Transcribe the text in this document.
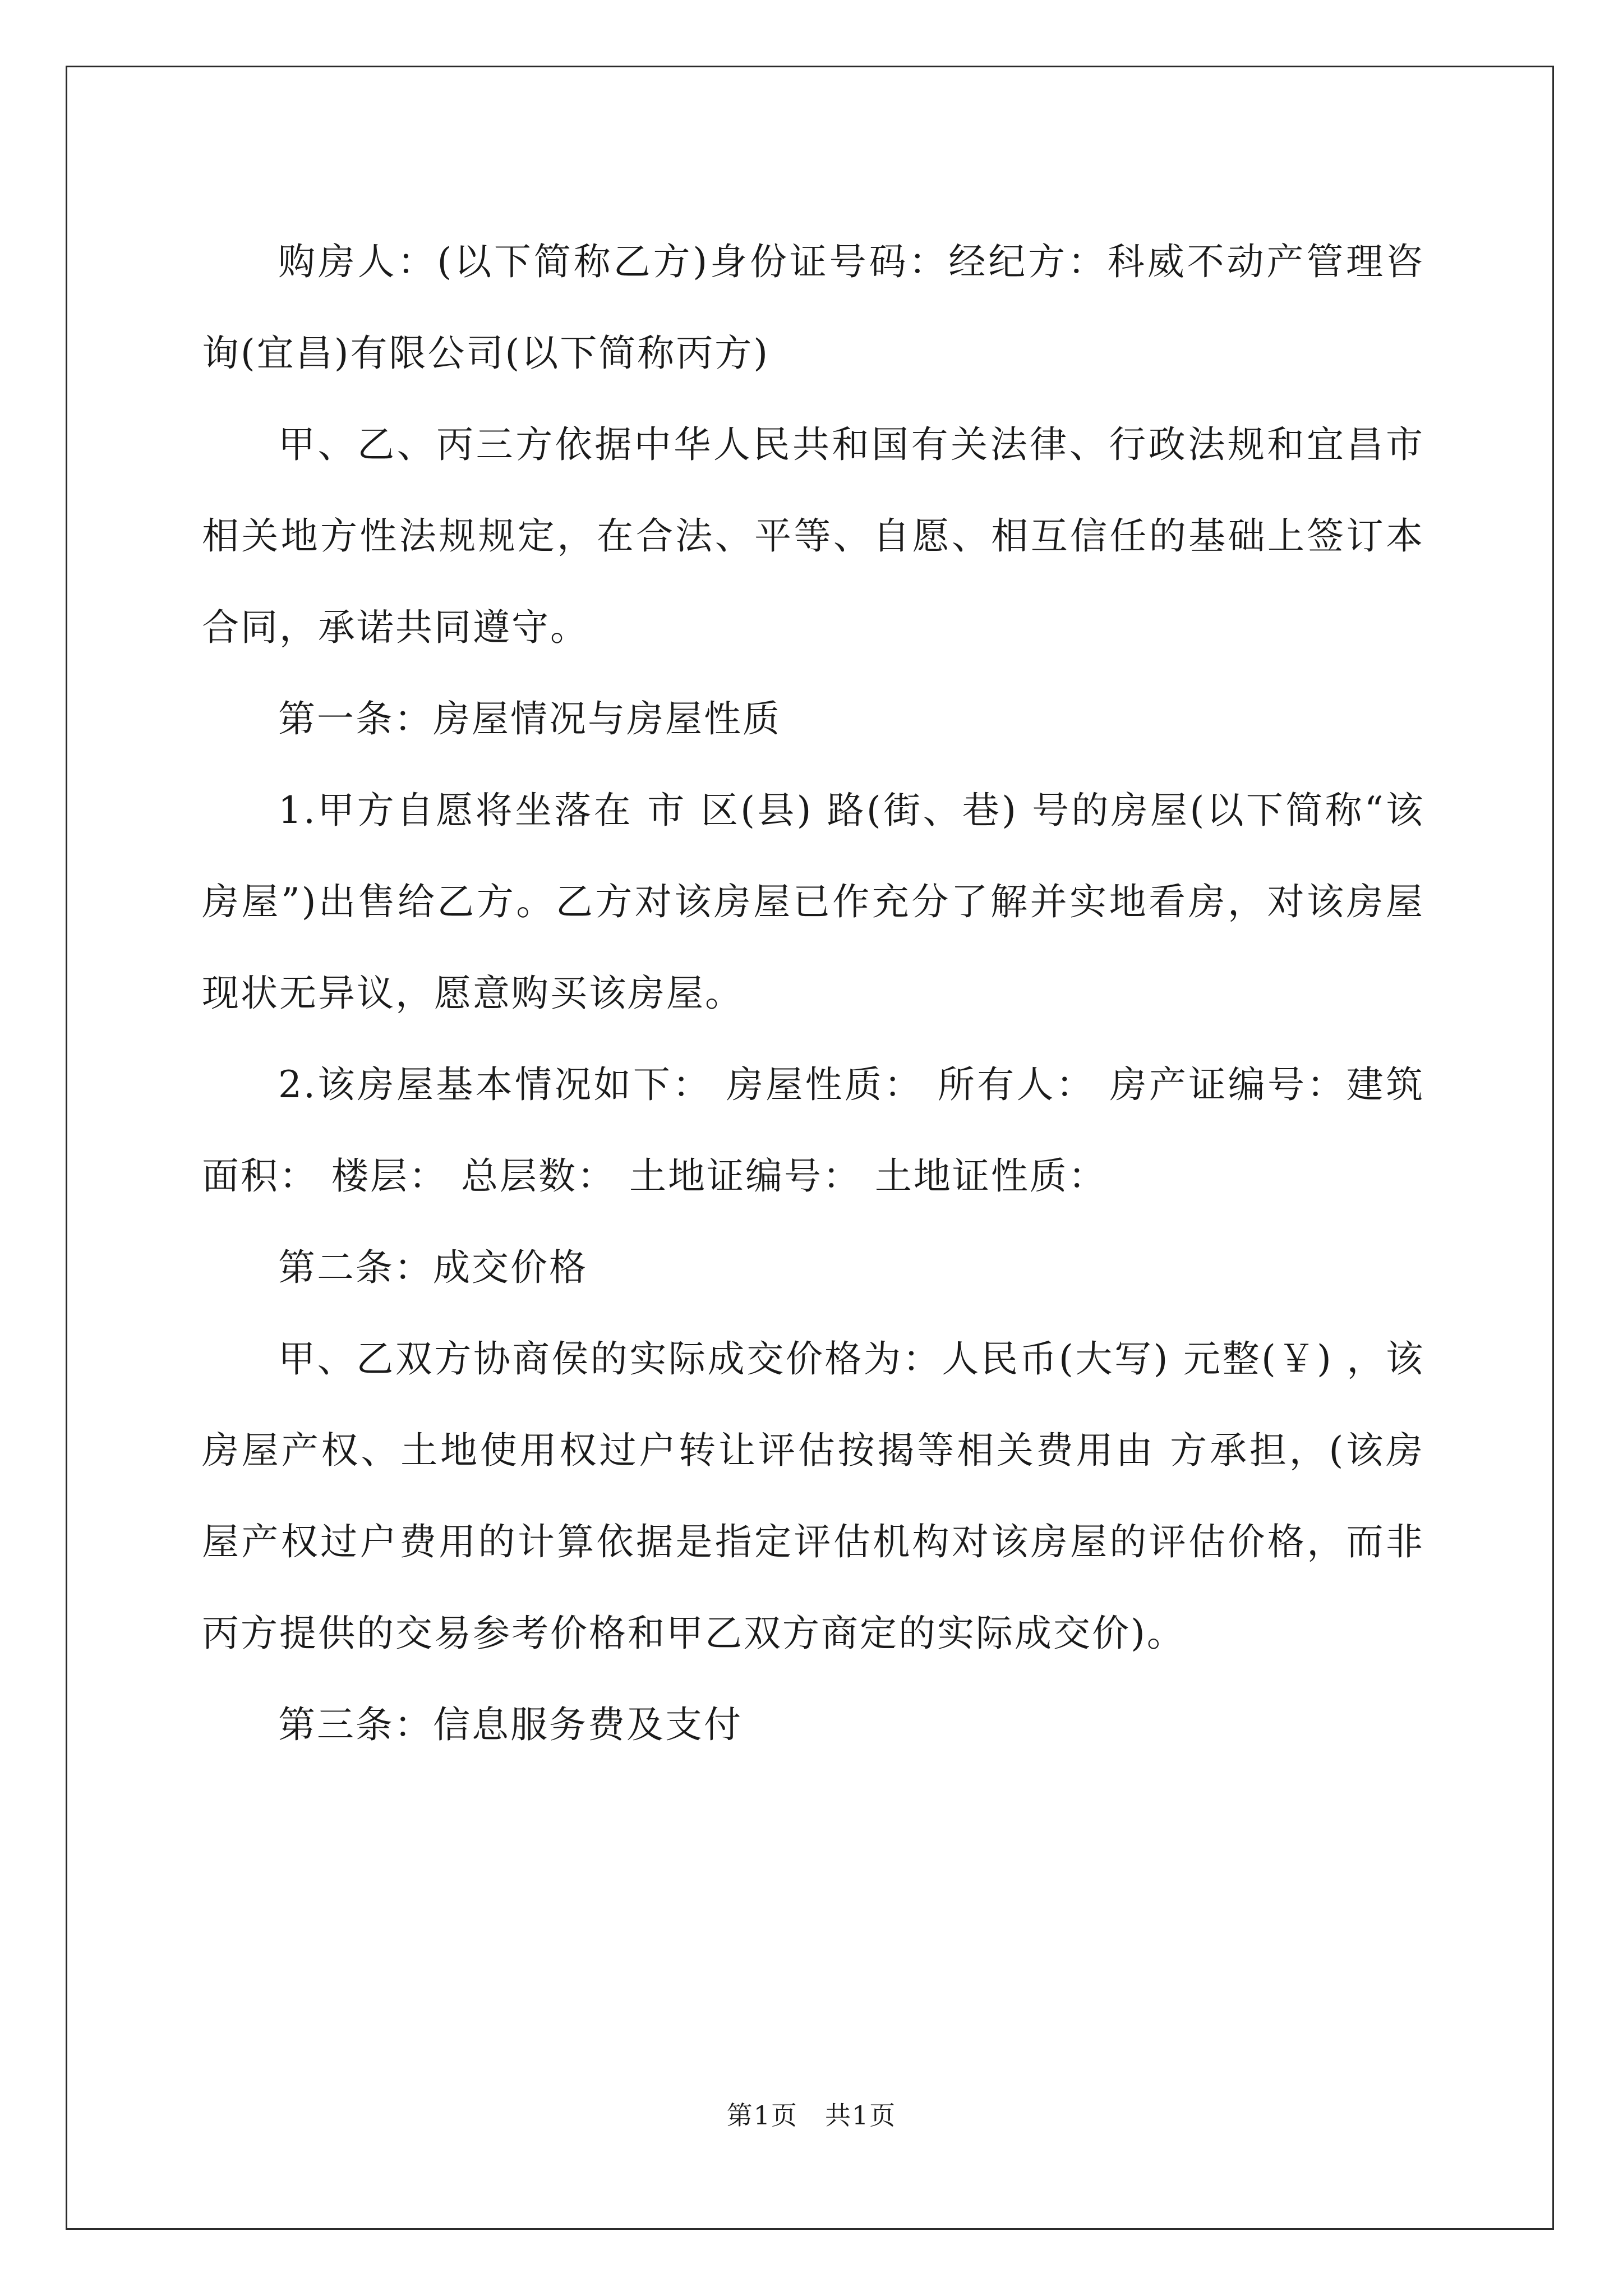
购房人：(以下简称乙方)身份证号码：经纪方：科威不动产管理咨询(宜昌)有限公司(以下简称丙方)

甲、乙、丙三方依据中华人民共和国有关法律、行政法规和宜昌市相关地方性法规规定，在合法、平等、自愿、相互信任的基础上签订本合同，承诺共同遵守。

第一条：房屋情况与房屋性质

1.甲方自愿将坐落在 市 区(县) 路(街、巷) 号的房屋(以下简称“该房屋”)出售给乙方。乙方对该房屋已作充分了解并实地看房，对该房屋现状无异议，愿意购买该房屋。

2.该房屋基本情况如下： 房屋性质： 所有人： 房产证编号：建筑面积： 楼层： 总层数： 土地证编号： 土地证性质：

第二条：成交价格

甲、乙双方协商侯的实际成交价格为：人民币(大写) 元整(￥) ，该房屋产权、土地使用权过户转让评估按揭等相关费用由 方承担，(该房屋产权过户费用的计算依据是指定评估机构对该房屋的评估价格，而非丙方提供的交易参考价格和甲乙双方商定的实际成交价)。

第三条：信息服务费及支付

第1页　共1页
